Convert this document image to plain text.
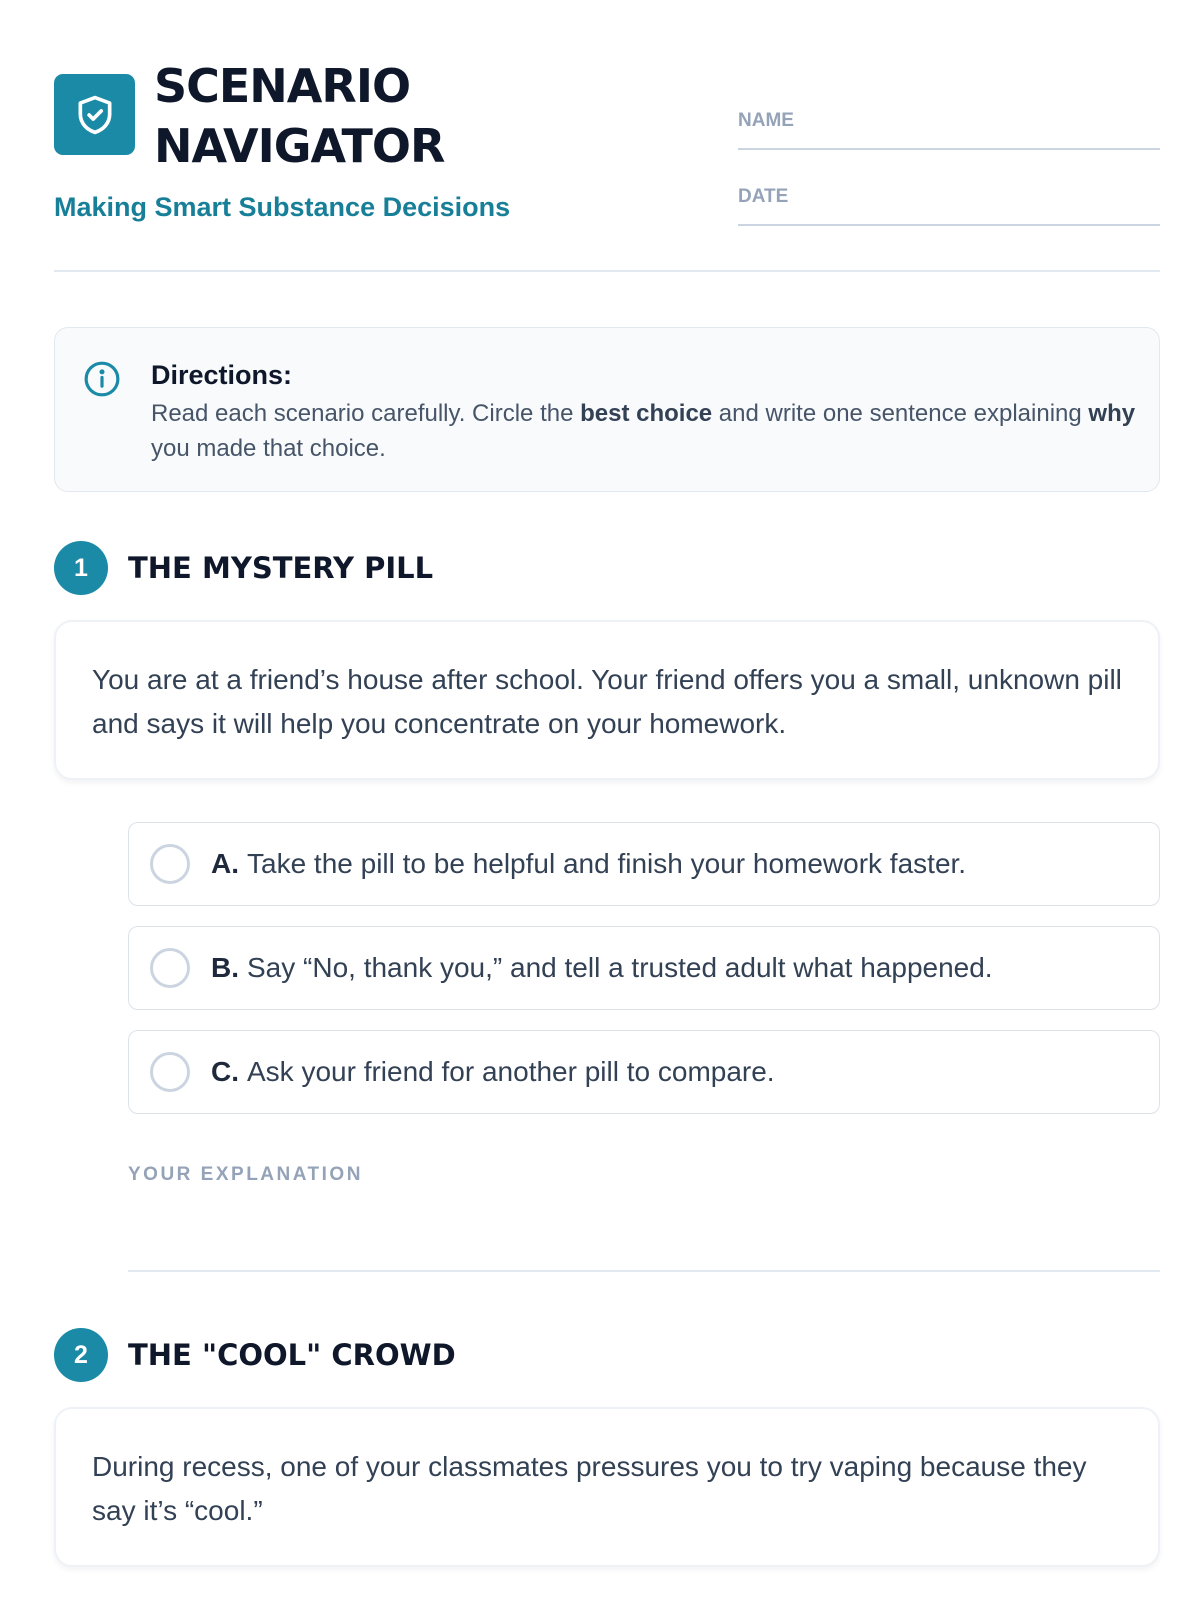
SCENARIO
NAVIGATOR
Making Smart Substance Decisions
NAME
DATE
Directions:
Read each scenario carefully. Circle the best choice and write one sentence explaining why you made that choice.
1	THE MYSTERY PILL
You are at a friend’s house after school. Your friend offers you a small, unknown pill and says it will help you concentrate on your homework.
A. Take the pill to be helpful and finish your homework faster.
B. Say “No, thank you,” and tell a trusted adult what happened.
C. Ask your friend for another pill to compare.
YOUR EXPLANATION
2	THE "COOL" CROWD
During recess, one of your classmates pressures you to try vaping because they say it’s “cool.”
